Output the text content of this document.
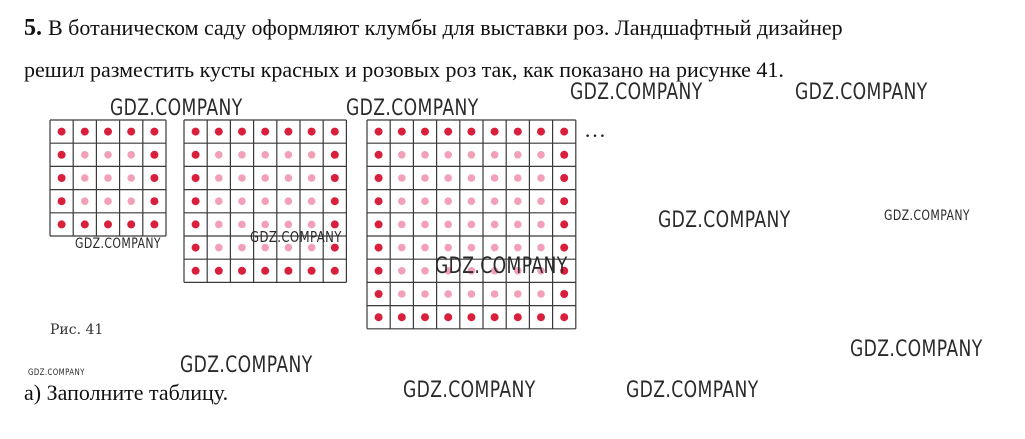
5. В ботаническом саду оформляют клумбы для выставки роз. Ландшафтный дизайнер
решил разместить кусты красных и розовых роз так, как показано на рисунке 41.
…
Рис. 41
а) Заполните таблицу.
GDZ.COMPANY	GDZ.COMPANY
GDZ.COMPANY	GDZ.COMPANY
GDZ.COMPANY	GDZ.COMPANY
GDZ.COMPANY
GDZ.COMPANY	GDZ.COMPANY
GDZ.COMPANY
GDZ.COMPANY	GDZ.COMPANY
GDZ.COMPANY	GDZ.COMPANY
